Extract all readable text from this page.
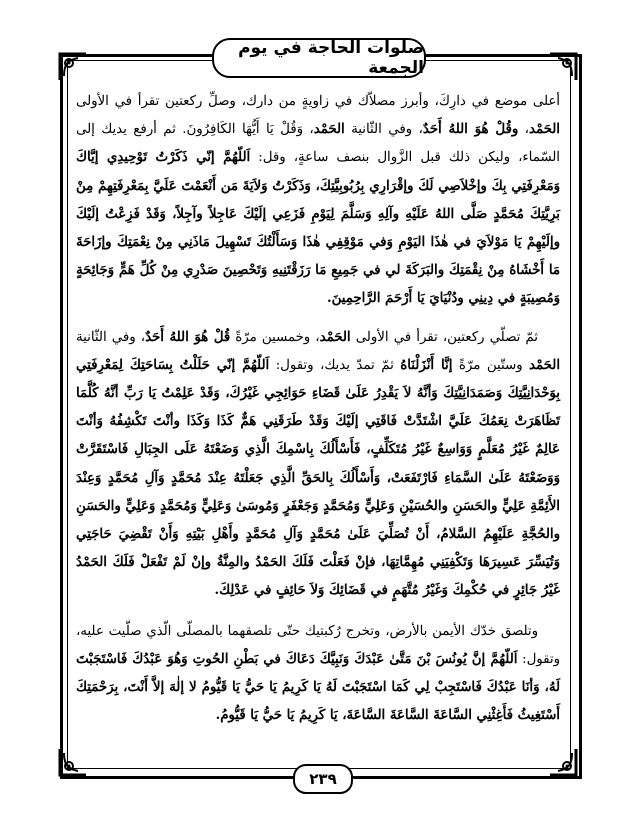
صلوات الحاجة في يوم الجمعة

أعلى موضع في دارِكَ، وأبرز مصلاّك في زاويةٍ من دارك، وصلِّ ركعتين تقرأ في الأولى الحَمْد، وقُلْ هُوَ اللهُ أَحَدٌ، وفي الثّانية الحَمْد، وَقُلْ يَا أَيُّهَا الكَافِرُونَ. ثم أرفع يديك إلى السّماء، وليكن ذلك قبل الزَّوال بنصف ساعةٍ، وقل: اَللّهُمَّ إنّي ذَكَرْتُ تَوْحِيدِي إيَّاكَ وَمَعْرِفَتِي بِكَ وإخْلاَصِي لَكَ وإقْرَارِي بِرُبُوبِيَّتِكَ، وَذَكَرْتُ وَلاَيَةَ مَن أَنْعَمْتَ عَلَيَّ بِمَعْرِفَتِهِمْ مِنْ بَرِيَّتِكَ مُحَمَّدٍ صَلَّى اللهُ عَلَيْهِ وآلِهِ وَسَلَّمَ لِيَوْمِ فَزَعِي إلَيْكَ عَاجِلاً وآجِلاً، وَقَدْ فَزِعْتُ إلَيْكَ وإلَيْهِمْ يَا مَوْلاَيَ في هٰذَا اليَوْمِ وَفي مَوْقِفِي هٰذَا وَسَأَلْتُكَ تَسْهِيلَ مَاذَنِي مِنْ نِعْمَتِكَ وإزَاحَةَ مَا أَخْشَاهُ مِنْ نِقْمَتِكَ والبَرَكَةَ لي في جَمِيعِ مَا رَزَقْتَنِيهِ وَتَحْصِينَ صَدْرِي مِنْ كُلِّ هَمٍّ وَجَائِحَةٍ وَمُصِيبَةٍ في دِينِي ودُنْيَايَ يَا أَرْحَمَ الرَّاحِمِينَ.

ثمّ تصلّي ركعتين، تقرأ في الأولى الحَمْد، وخمسين مرّةً قُلْ هُوَ اللهُ أَحَدٌ، وفي الثّانية الحَمْد وستّين مرّةً إنَّا أَنْزَلْنَاهُ ثمّ تمدّ يديك، وتقول: اَللّهُمَّ إنّي حَلَلْتُ بِسَاحَتِكَ لِمَعْرِفَتِي بِوَحْدَانِيَّتِكَ وَصَمَدَانِيَّتِكَ وَأنَّهُ لاَ يَقْدِرُ عَلَىٰ قَضَاءِ حَوَائِجِي غَيْرُكَ، وَقَدْ عَلِمْتُ يَا رَبِّ أنَّهُ كُلَّمَا تَظَاهَرَتْ نِعَمُكَ عَلَيَّ اشْتَدَّتْ فَاقَتِي إلَيْكَ وَقَدْ طَرَقَنِي هَمٌّ كَذَا وَكَذَا وأنْتَ تَكْشِفُهُ وَأنْتَ عَالِمٌ غَيْرُ مُعَلَّمٍ وَوَاسِعٌ غَيْرُ مُتَكَلِّفٍ، فَأَسْأَلُكَ بِاسْمِكَ الَّذِي وَضَعْتَهُ عَلَى الجِبَالِ فَاسْتَقَرَّتْ وَوَضَعْتَهُ عَلَىٰ السَّمَاءِ فَارْتَفَعَتْ، وَأَسْأَلُكَ بِالحَقِّ الَّذِي جَعَلْتَهُ عِنْدَ مُحَمَّدٍ وَآلِ مُحَمَّدٍ وَعِنْدَ الأَئِمَّةِ عَلِيٍّ والحَسَنِ والحُسَيْنِ وَعَلِيٍّ وَمُحَمَّدٍ وَجَعْفَرٍ وَمُوسَىٰ وَعَلِيٍّ وَمُحَمَّدٍ وَعَلِيٍّ والحَسَنِ والحُجَّةِ عَلَيْهِمُ السَّلامُ، أَنْ تُصَلِّيَ عَلَىٰ مُحَمَّدٍ وَآلِ مُحَمَّدٍ وأَهْلِ بَيْتِهِ وَأَنْ تَقْضِيَ حَاجَتِي وَتُيَسِّرَ عَسِيرَهَا وَتَكْفِيَنِي مُهِمَّاتِهَا، فإنْ فَعَلْتَ فَلَكَ الحَمْدُ والمِنَّةُ وإنْ لَمْ تَفْعَلْ فَلَكَ الحَمْدُ غَيْرُ جَائِرٍ في حُكْمِكَ وَغَيْرُ مُتَّهَمٍ في قَضَائِكَ وَلاَ حَائِفٍ في عَدْلِكَ.

وتلصق خدّك الأيمن بالأرض، وتخرج رُكبتيك حتّى تلصقهما بالمصلّى الّذي صلّيت عليه، وتقول: اَللّهُمَّ إنَّ يُونُسَ بْنَ مَتَّىٰ عَبْدَكَ وَنَبِيَّكَ دَعَاكَ في بَطْنِ الحُوتِ وَهُوَ عَبْدُكَ فَاسْتَجَبْتَ لَهُ، وَأنَا عَبْدُكَ فَاسْتَجِبْ لِي كَمَا اسْتَجَبْتَ لَهُ يَا كَرِيمُ يَا حَيُّ يَا قَيُّومُ لا إلٰهَ إلاَّ أَنْتَ، بِرَحْمَتِكَ أَسْتَغِيثُ فَأَغِثْنِي السَّاعَةَ السَّاعَةَ السَّاعَةَ، يَا كَرِيمُ يَا حَيُّ يَا قَيُّومُ.

٢٣٩
